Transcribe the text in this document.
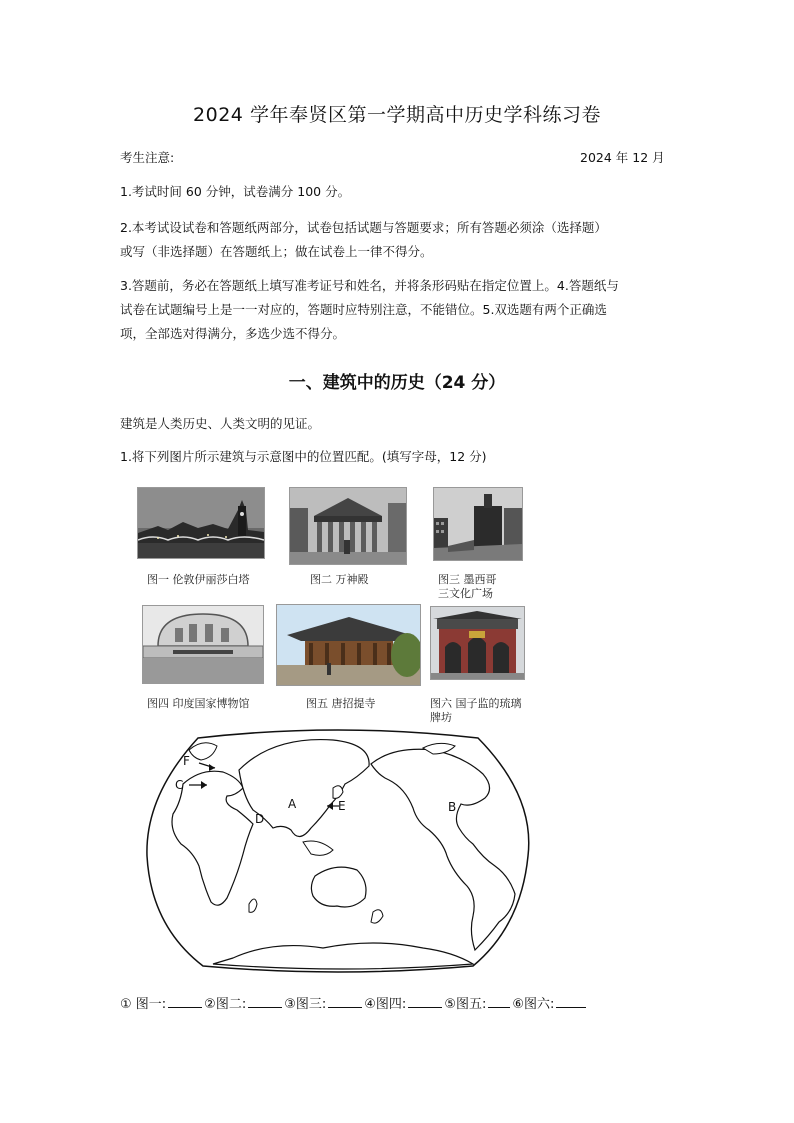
2024 学年奉贤区第一学期高中历史学科练习卷
考生注意:	2024 年 12 月
1.考试时间 60 分钟，试卷满分 100 分。
2.本考试设试卷和答题纸两部分，试卷包括试题与答题要求；所有答题必须涂（选择题）
或写（非选择题）在答题纸上；做在试卷上一律不得分。
3.答题前，务必在答题纸上填写准考证号和姓名，并将条形码贴在指定位置上。4.答题纸与
试卷在试题编号上是一一对应的，答题时应特别注意，不能错位。5.双选题有两个正确选
项，全部选对得满分，多选少选不得分。
一、建筑中的历史（24 分）
建筑是人类历史、人类文明的见证。
1.将下列图片所示建筑与示意图中的位置匹配。(填写字母，12 分)
图一 伦敦伊丽莎白塔	图二 万神殿	图三 墨西哥
三文化广场
图四 印度国家博物馆	图五 唐招提寺	图六 国子监的琉璃
牌坊
F
C
D
A	E	B
① 图一:	②图二:	③图三:	④图四:	⑤图五: ⑥图六:
